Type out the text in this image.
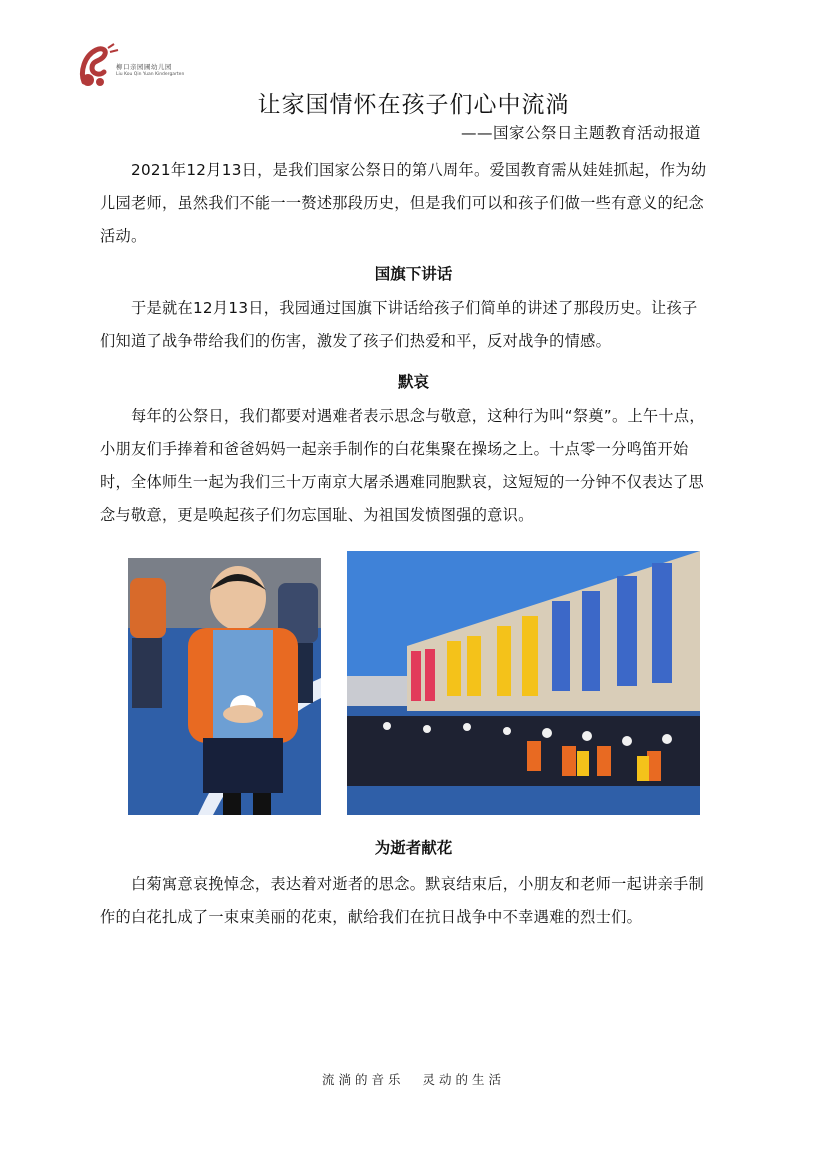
柳口亲园圃幼儿园
Liu Kou Qin Yuan Kindergarten
让家国情怀在孩子们心中流淌
——国家公祭日主题教育活动报道

2021年12月13日，是我们国家公祭日的第八周年。爱国教育需从娃娃抓起，作为幼儿园老师，虽然我们不能一一赘述那段历史，但是我们可以和孩子们做一些有意义的纪念活动。

国旗下讲话

于是就在12月13日，我园通过国旗下讲话给孩子们简单的讲述了那段历史。让孩子们知道了战争带给我们的伤害，激发了孩子们热爱和平，反对战争的情感。

默哀

每年的公祭日，我们都要对遇难者表示思念与敬意，这种行为叫“祭奠”。上午十点，小朋友们手捧着和爸爸妈妈一起亲手制作的白花集聚在操场之上。十点零一分鸣笛开始时，全体师生一起为我们三十万南京大屠杀遇难同胞默哀，这短短的一分钟不仅表达了思念与敬意，更是唤起孩子们勿忘国耻、为祖国发愤图强的意识。

为逝者献花

白菊寓意哀挽悼念，表达着对逝者的思念。默哀结束后，小朋友和老师一起讲亲手制作的白花扎成了一束束美丽的花束，献给我们在抗日战争中不幸遇难的烈士们。

流淌的音乐 灵动的生活
